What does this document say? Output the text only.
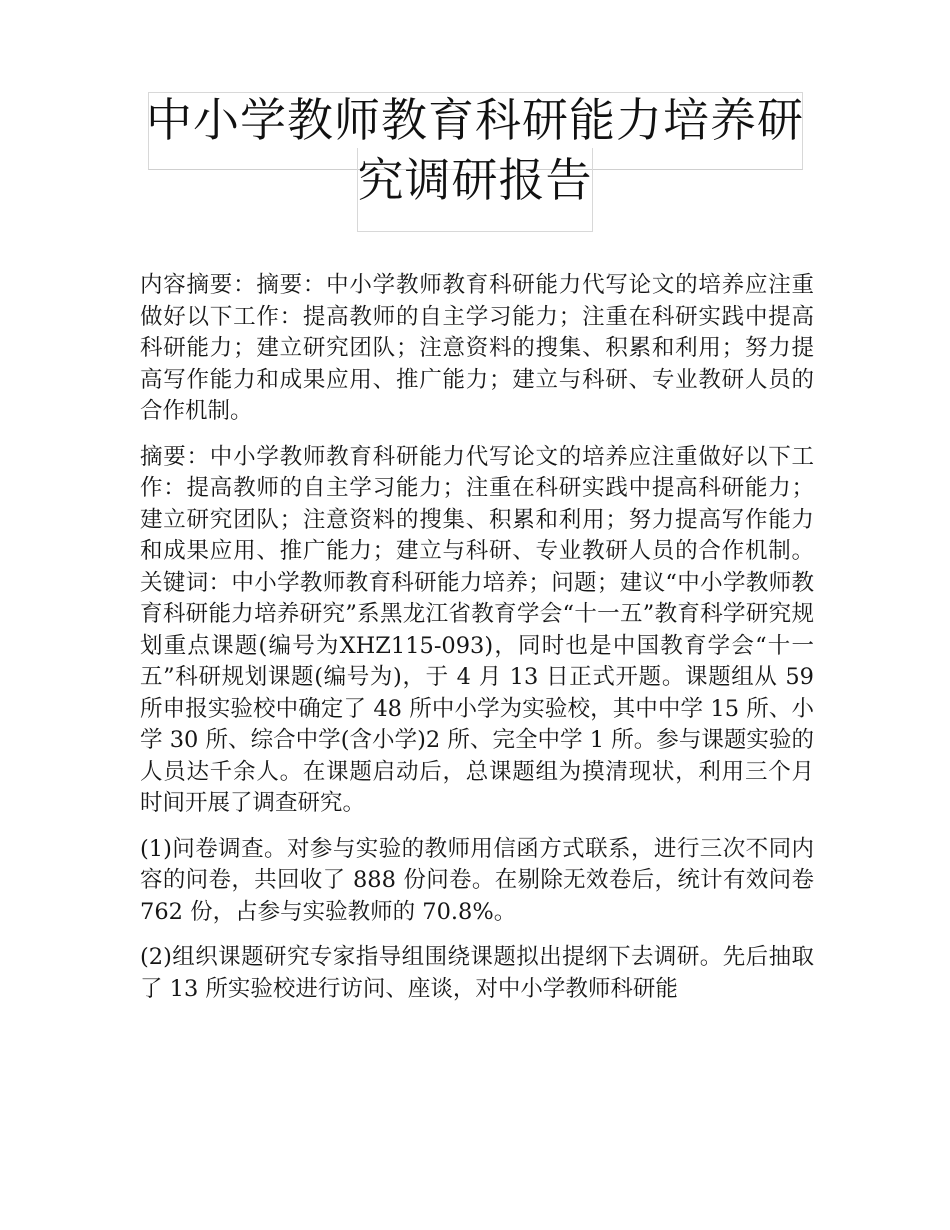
中小学教师教育科研能力培养研究调研报告

内容摘要：摘要：中小学教师教育科研能力代写论文的培养应注重做好以下工作：提高教师的自主学习能力；注重在科研实践中提高科研能力；建立研究团队；注意资料的搜集、积累和利用；努力提高写作能力和成果应用、推广能力；建立与科研、专业教研人员的合作机制。

摘要：中小学教师教育科研能力代写论文的培养应注重做好以下工作：提高教师的自主学习能力；注重在科研实践中提高科研能力；建立研究团队；注意资料的搜集、积累和利用；努力提高写作能力和成果应用、推广能力；建立与科研、专业教研人员的合作机制。关键词：中小学教师教育科研能力培养；问题；建议“中小学教师教育科研能力培养研究”系黑龙江省教育学会“十一五”教育科学研究规划重点课题(编号为XHZ115-093)，同时也是中国教育学会“十一五”科研规划课题(编号为)，于 4 月 13 日正式开题。课题组从 59 所申报实验校中确定了 48 所中小学为实验校，其中中学 15 所、小学 30 所、综合中学(含小学)2 所、完全中学 1 所。参与课题实验的人员达千余人。在课题启动后，总课题组为摸清现状，利用三个月时间开展了调查研究。

(1)问卷调查。对参与实验的教师用信函方式联系，进行三次不同内容的问卷，共回收了 888 份问卷。在剔除无效卷后，统计有效问卷 762 份，占参与实验教师的 70.8%。

(2)组织课题研究专家指导组围绕课题拟出提纲下去调研。先后抽取了 13 所实验校进行访问、座谈，对中小学教师科研能
